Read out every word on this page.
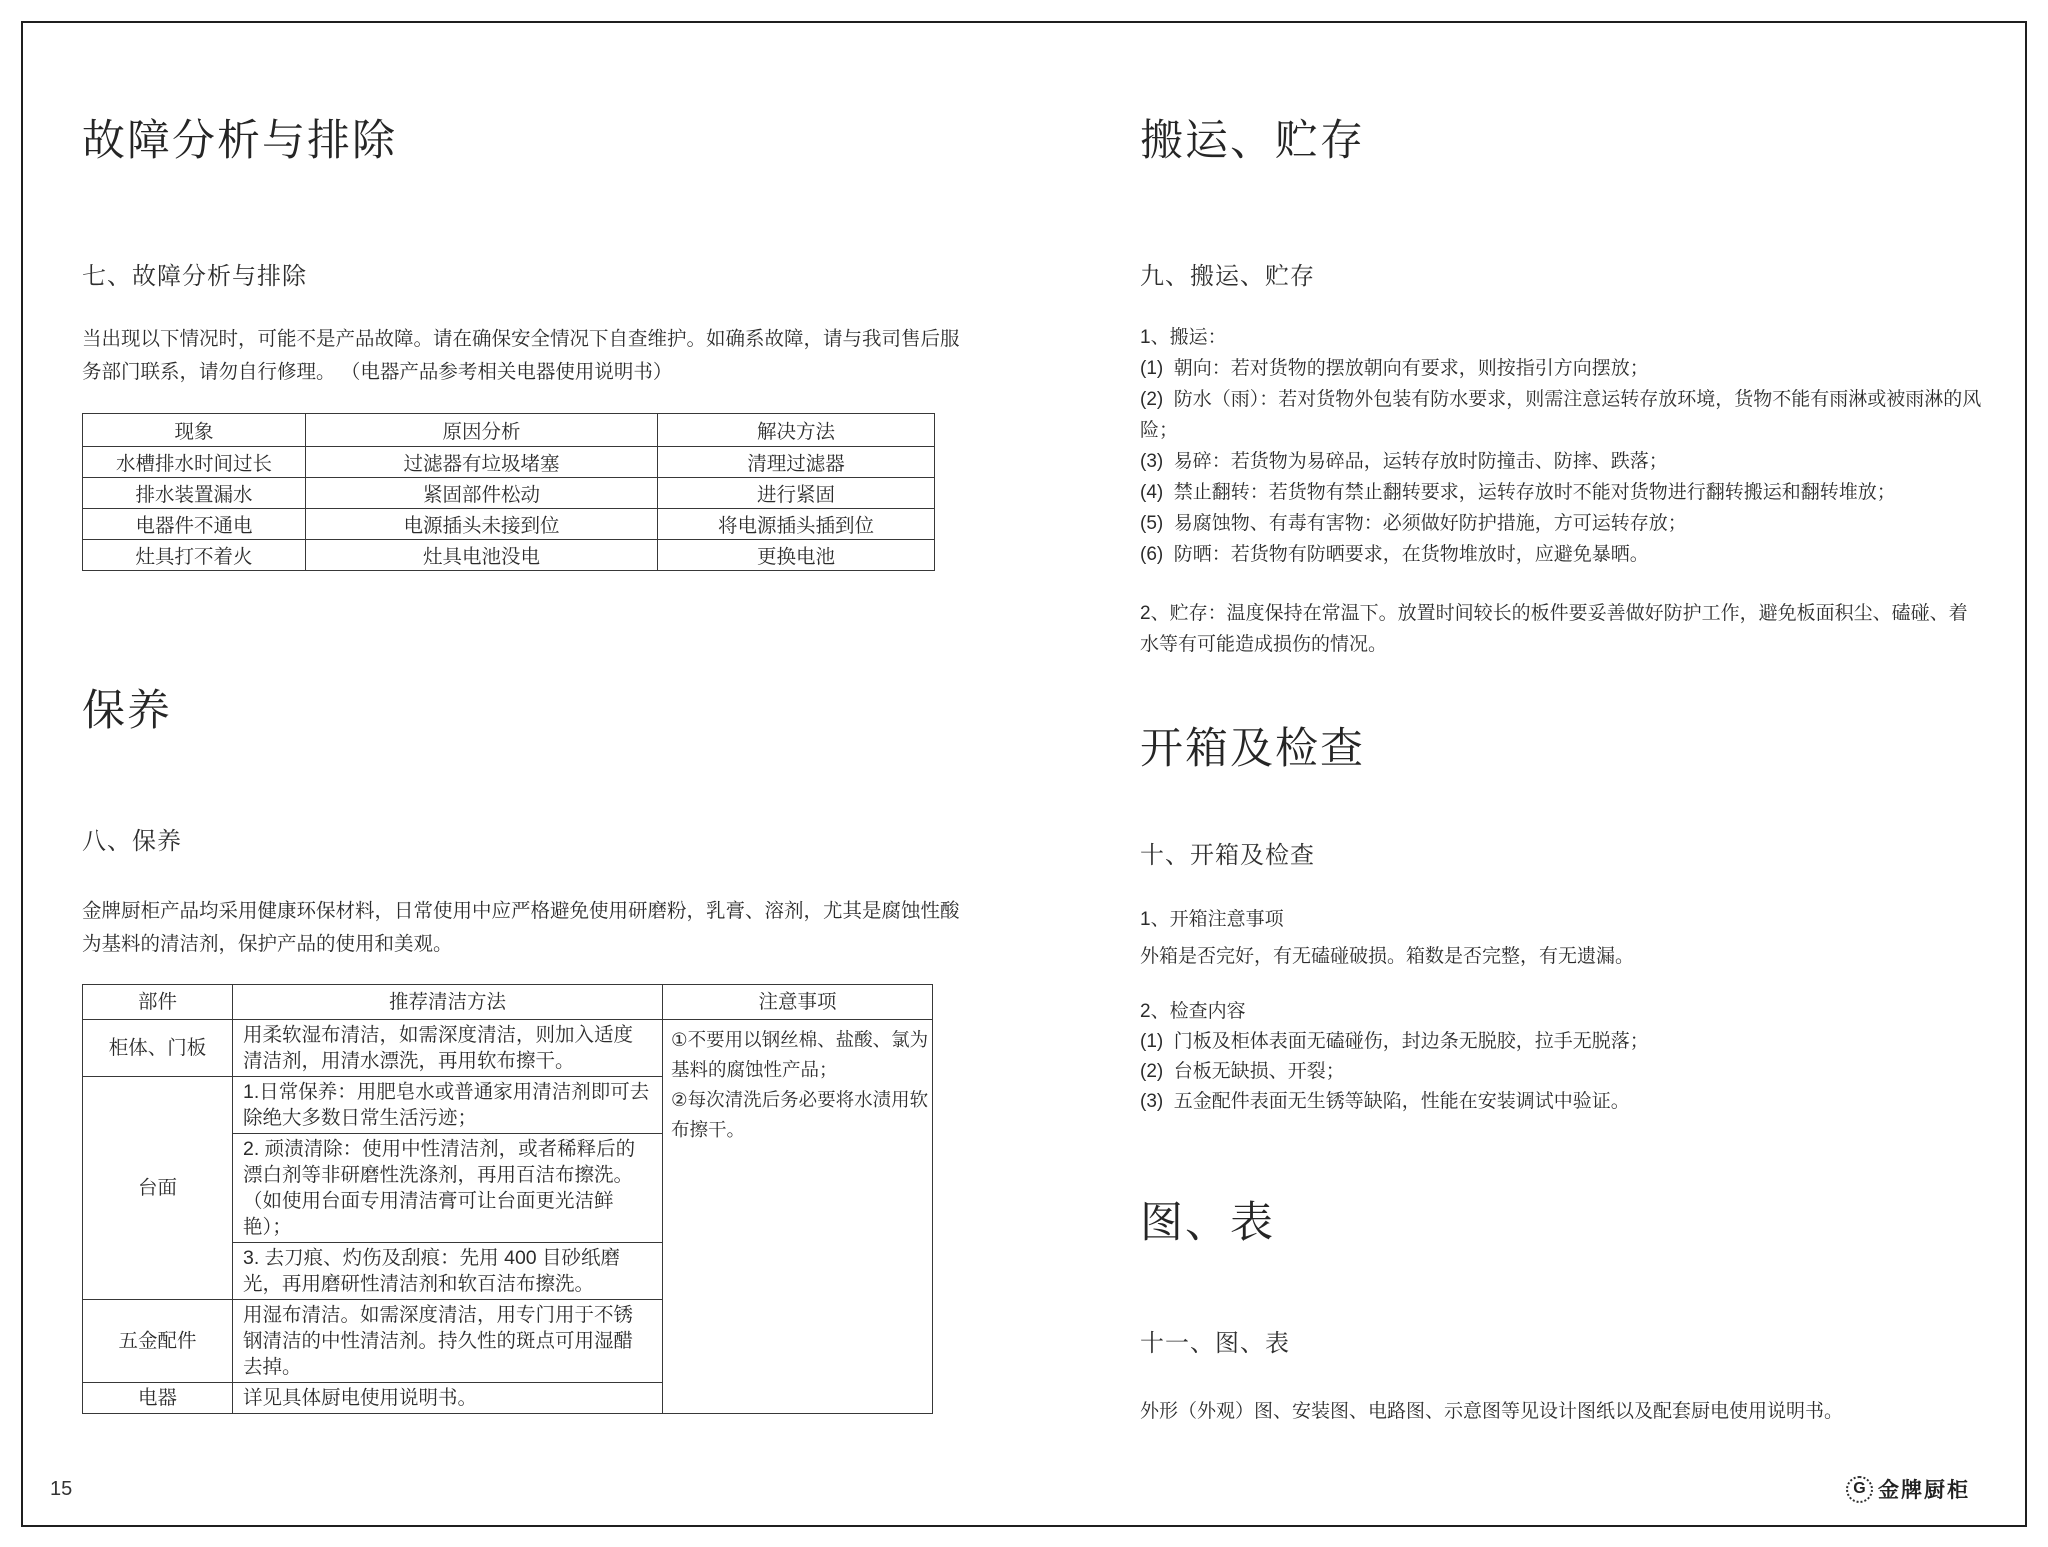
故障分析与排除
七、故障分析与排除
当出现以下情况时，可能不是产品故障。请在确保安全情况下自查维护。如确系故障，请与我司售后服务部门联系，请勿自行修理。 （电器产品参考相关电器使用说明书）
现象	原因分析	解决方法
水槽排水时间过长	过滤器有垃圾堵塞	清理过滤器
排水装置漏水	紧固部件松动	进行紧固
电器件不通电	电源插头未接到位	将电源插头插到位
灶具打不着火	灶具电池没电	更换电池
保养
八、保养
金牌厨柜产品均采用健康环保材料，日常使用中应严格避免使用研磨粉，乳膏、溶剂，尤其是腐蚀性酸为基料的清洁剂，保护产品的使用和美观。
部件	推荐清洁方法	注意事项
柜体、门板	用柔软湿布清洁，如需深度清洁，则加入适度清洁剂，用清水漂洗，再用软布擦干。	①不要用以钢丝棉、盐酸、氯为基料的腐蚀性产品；
②每次清洗后务必要将水渍用软布擦干。

台面	1.日常保养：用肥皂水或普通家用清洁剂即可去除绝大多数日常生活污迹；	
	2. 顽渍清除：使用中性清洁剂，或者稀释后的漂白剂等非研磨性洗涤剂，再用百洁布擦洗。（如使用台面专用清洁膏可让台面更光洁鲜艳）；	
	3. 去刀痕、灼伤及刮痕：先用 400 目砂纸磨光，再用磨研性清洁剂和软百洁布擦洗。	
五金配件	用湿布清洁。如需深度清洁，用专门用于不锈钢清洁的中性清洁剂。持久性的斑点可用湿醋去掉。	
电器	详见具体厨电使用说明书。	
搬运、贮存
九、搬运、贮存
1、搬运：
(1)  朝向：若对货物的摆放朝向有要求，则按指引方向摆放；
(2)  防水（雨）：若对货物外包装有防水要求，则需注意运转存放环境，货物不能有雨淋或被雨淋的风险；
(3)  易碎：若货物为易碎品，运转存放时防撞击、防摔、跌落；
(4)  禁止翻转：若货物有禁止翻转要求，运转存放时不能对货物进行翻转搬运和翻转堆放；
(5)  易腐蚀物、有毒有害物：必须做好防护措施，方可运转存放；
(6)  防晒：若货物有防晒要求，在货物堆放时，应避免暴晒。
2、贮存：温度保持在常温下。放置时间较长的板件要妥善做好防护工作，避免板面积尘、磕碰、着水等有可能造成损伤的情况。
开箱及检查
十、开箱及检查
1、开箱注意事项
外箱是否完好，有无磕碰破损。箱数是否完整，有无遗漏。
2、检查内容
(1)  门板及柜体表面无磕碰伤，封边条无脱胶，拉手无脱落；
(2)  台板无缺损、开裂；
(3)  五金配件表面无生锈等缺陷，性能在安装调试中验证。
图、表
十一、图、表
外形（外观）图、安装图、电路图、示意图等见设计图纸以及配套厨电使用说明书。
15	G 金牌厨柜
